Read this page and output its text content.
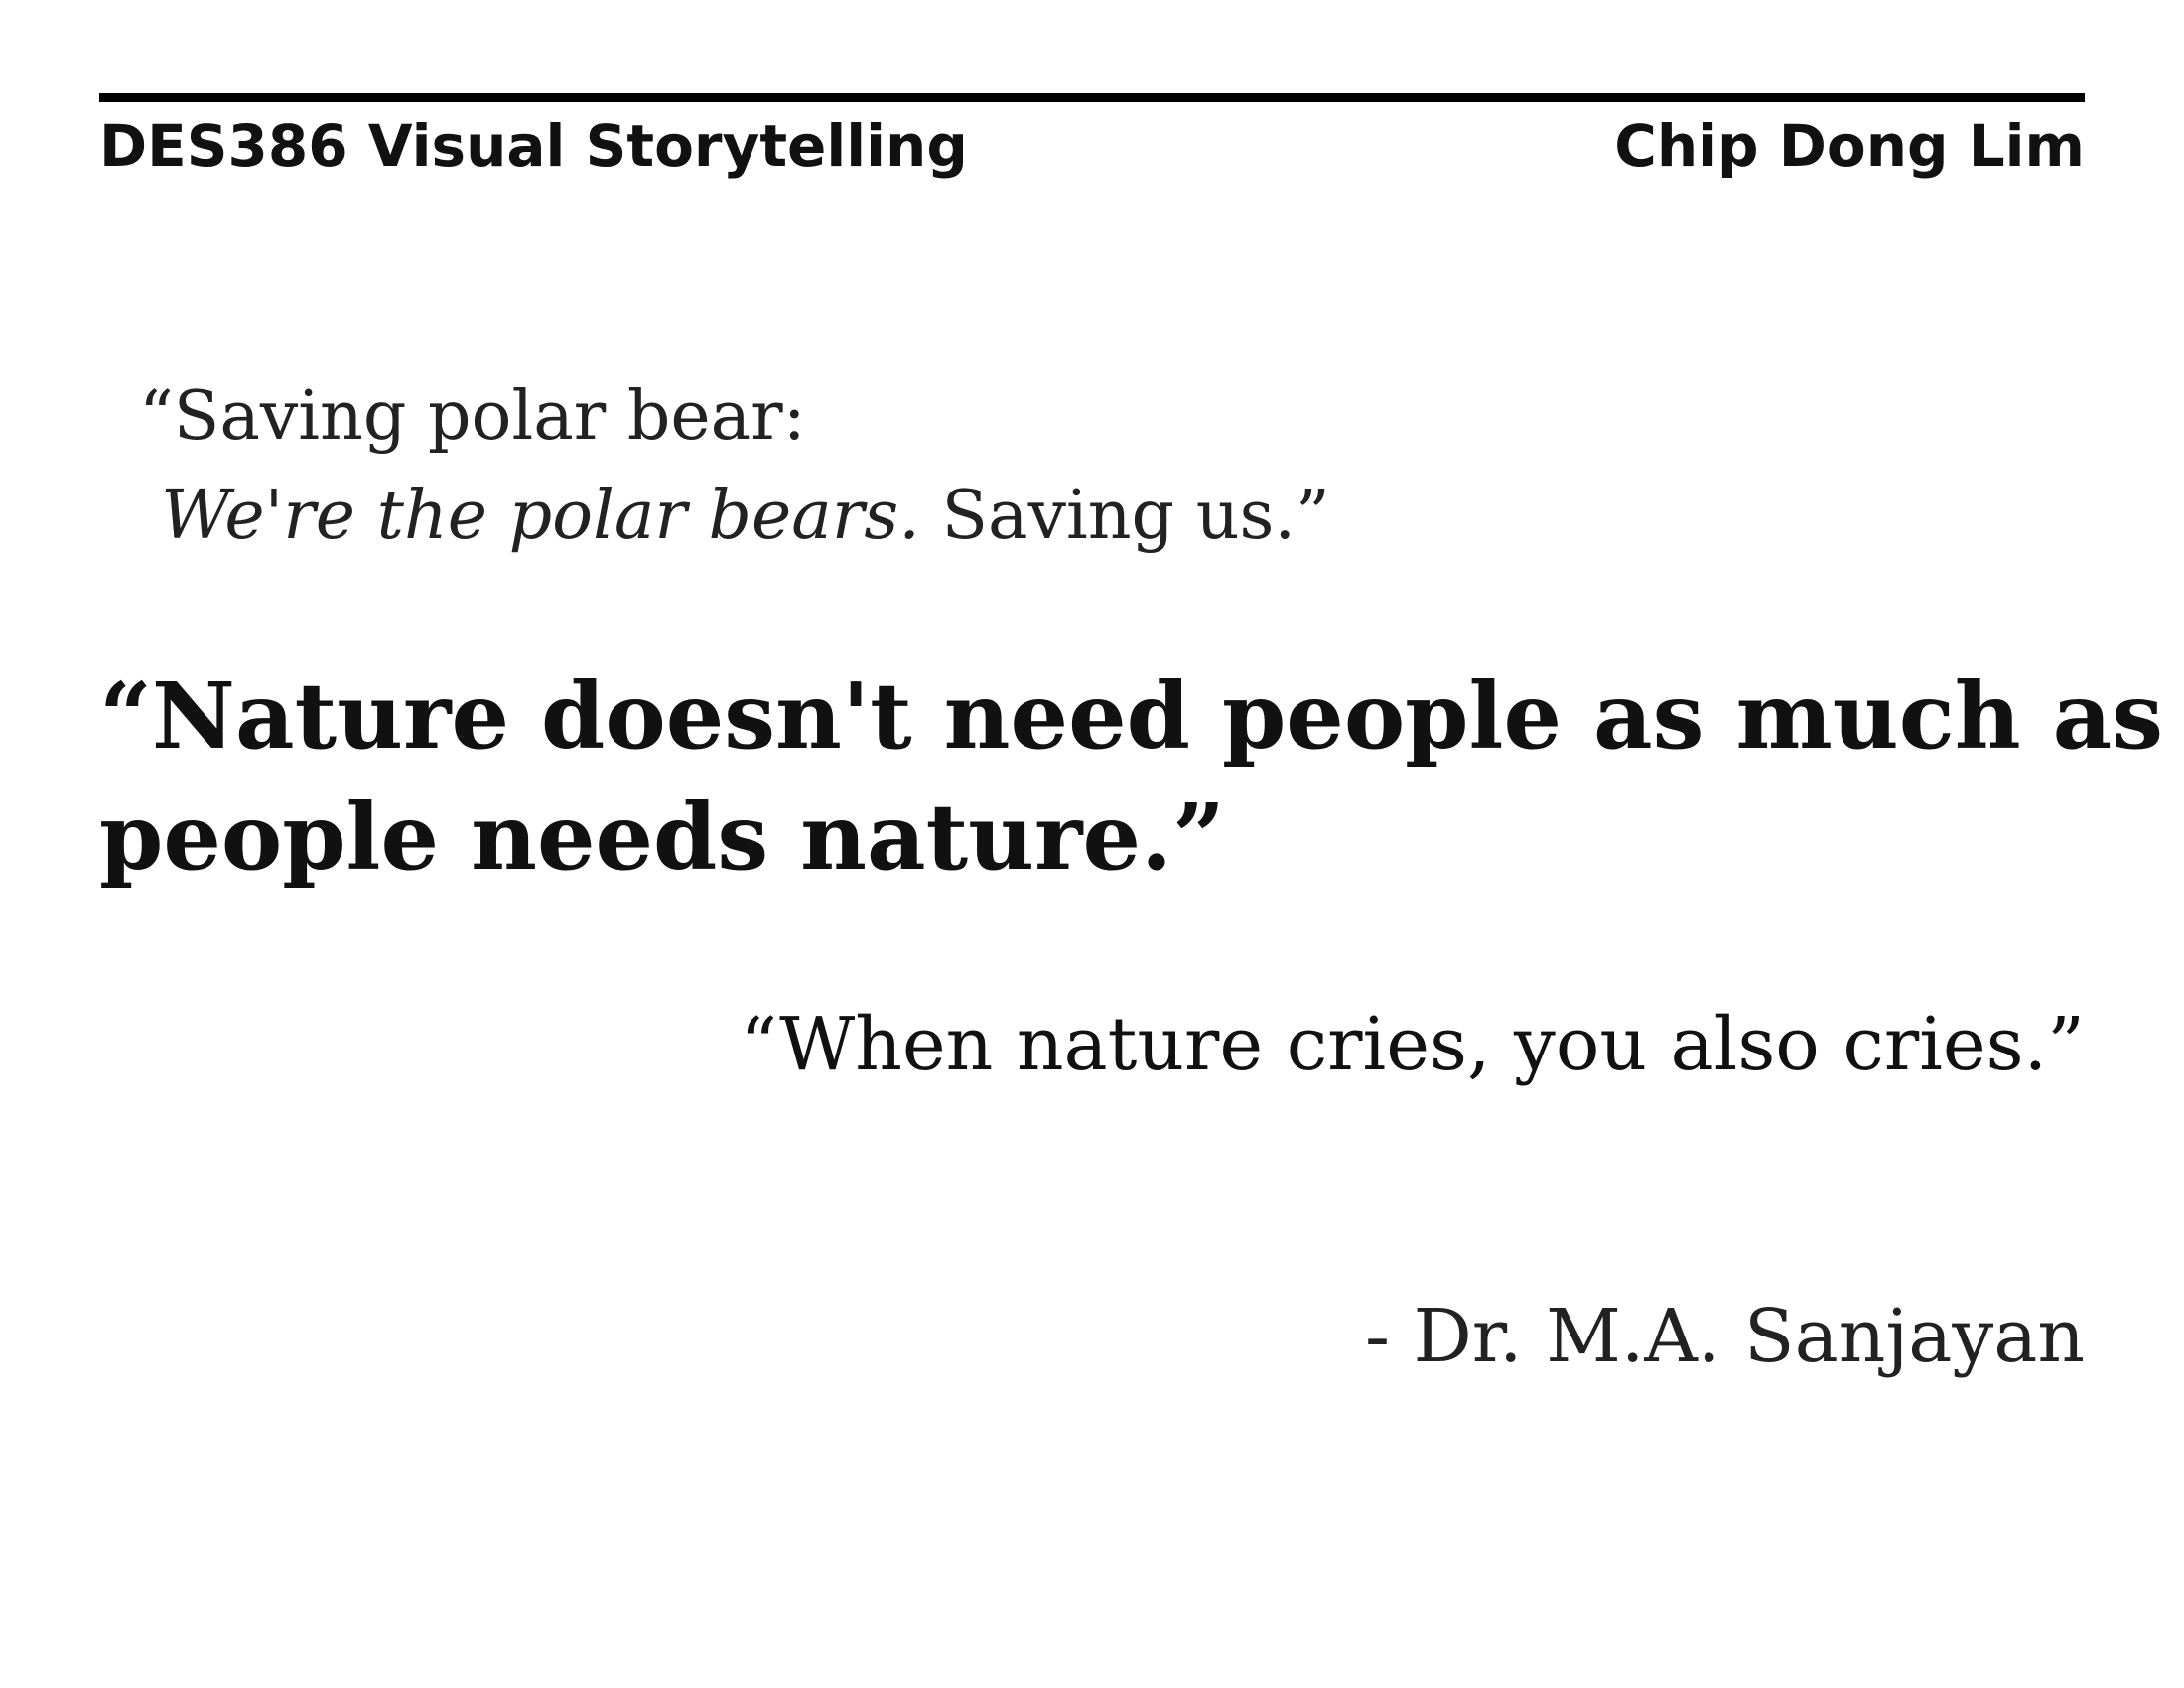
DES386 Visual Storytelling	Chip Dong Lim
“Saving polar bear:
We're the polar bears. Saving us.”
“Nature doesn't need people as much as
people needs nature.”
“When nature cries, you also cries.”
- Dr. M.A. Sanjayan
